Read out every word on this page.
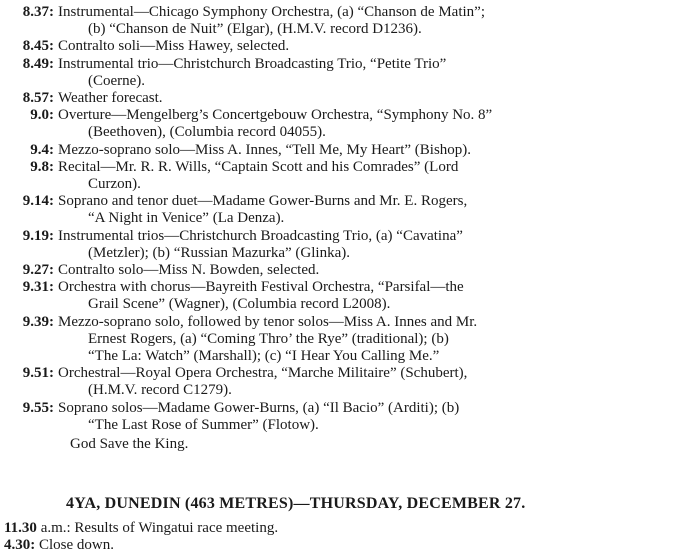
8.37: Instrumental—Chicago Symphony Orchestra, (a) “Chanson de Matin”;
(b) “Chanson de Nuit” (Elgar), (H.M.V. record D1236).
8.45: Contralto soli—Miss Hawey, selected.
8.49: Instrumental trio—Christchurch Broadcasting Trio, “Petite Trio”
(Coerne).
8.57: Weather forecast.
9.0: Overture—Mengelberg’s Concertgebouw Orchestra, “Symphony No. 8”
(Beethoven), (Columbia record 04055).
9.4: Mezzo-soprano solo—Miss A. Innes, “Tell Me, My Heart” (Bishop).
9.8: Recital—Mr. R. R. Wills, “Captain Scott and his Comrades” (Lord
Curzon).
9.14: Soprano and tenor duet—Madame Gower-Burns and Mr. E. Rogers,
“A Night in Venice” (La Denza).
9.19: Instrumental trios—Christchurch Broadcasting Trio, (a) “Cavatina”
(Metzler); (b) “Russian Mazurka” (Glinka).
9.27: Contralto solo—Miss N. Bowden, selected.
9.31: Orchestra with chorus—Bayreith Festival Orchestra, “Parsifal—the
Grail Scene” (Wagner), (Columbia record L2008).
9.39: Mezzo-soprano solo, followed by tenor solos—Miss A. Innes and Mr.
Ernest Rogers, (a) “Coming Thro’ the Rye” (traditional); (b)
“The La: Watch” (Marshall); (c) “I Hear You Calling Me.”
9.51: Orchestral—Royal Opera Orchestra, “Marche Militaire” (Schubert),
(H.M.V. record C1279).
9.55: Soprano solos—Madame Gower-Burns, (a) “Il Bacio” (Arditi); (b)
“The Last Rose of Summer” (Flotow).
God Save the King.
4YA, DUNEDIN (463 METRES)—THURSDAY, DECEMBER 27.
11.30 a.m.: Results of Wingatui race meeting.
4.30: Close down.
